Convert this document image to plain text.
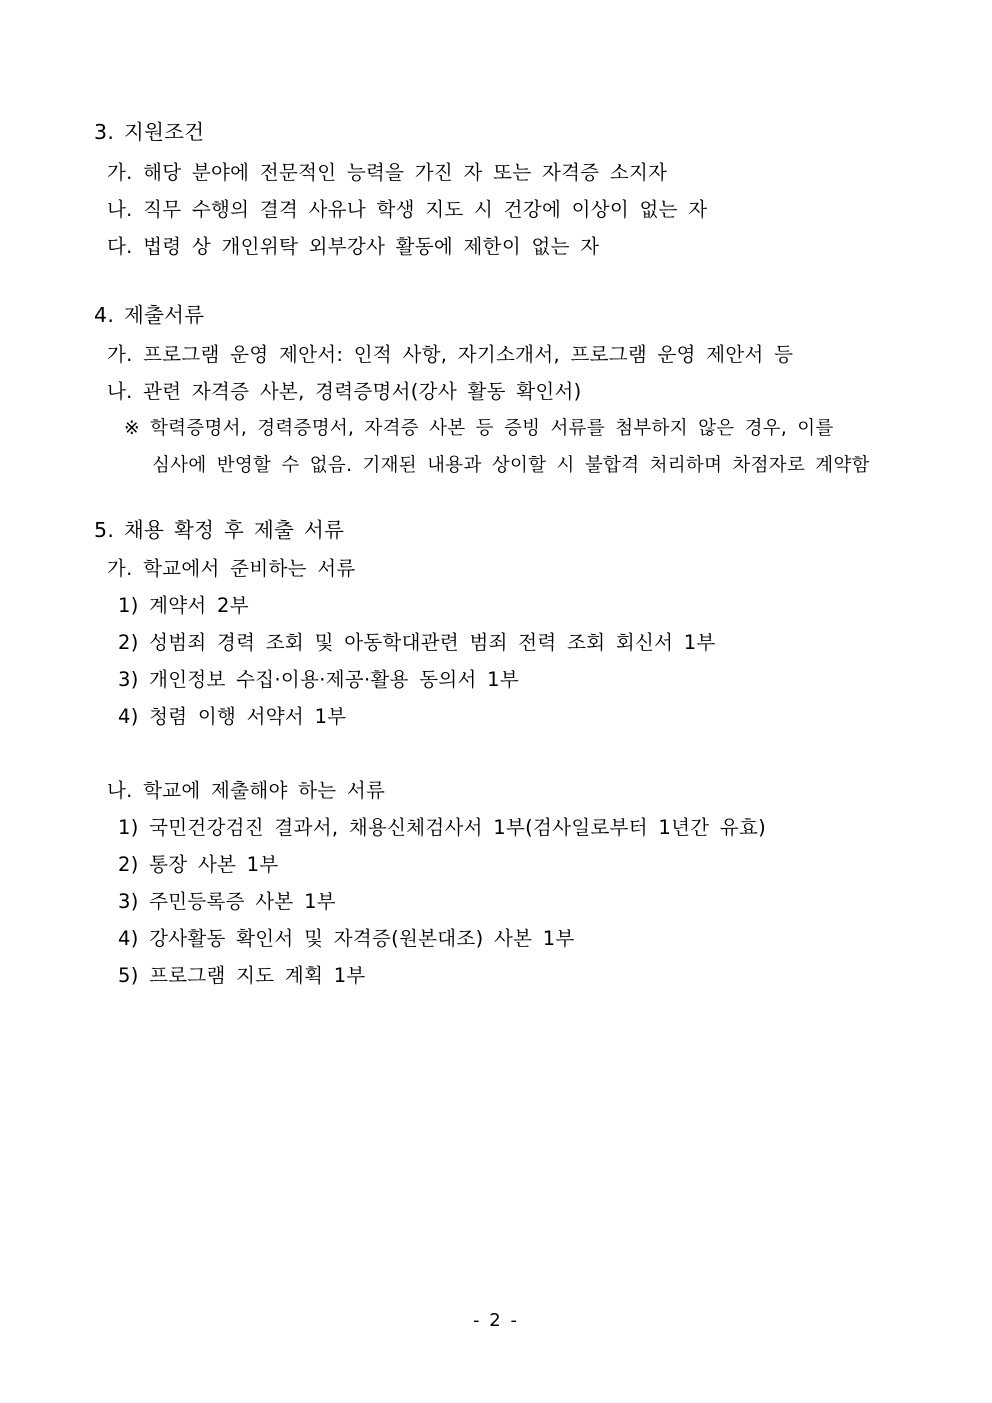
3. 지원조건
가. 해당 분야에 전문적인 능력을 가진 자 또는 자격증 소지자
나. 직무 수행의 결격 사유나 학생 지도 시 건강에 이상이 없는 자
다. 법령 상 개인위탁 외부강사 활동에 제한이 없는 자
4. 제출서류
가. 프로그램 운영 제안서: 인적 사항, 자기소개서, 프로그램 운영 제안서 등
나. 관련 자격증 사본, 경력증명서(강사 활동 확인서)
※ 학력증명서, 경력증명서, 자격증 사본 등 증빙 서류를 첨부하지 않은 경우, 이를
심사에 반영할 수 없음. 기재된 내용과 상이할 시 불합격 처리하며 차점자로 계약함
5. 채용 확정 후 제출 서류
가. 학교에서 준비하는 서류
1) 계약서 2부
2) 성범죄 경력 조회 및 아동학대관련 범죄 전력 조회 회신서 1부
3) 개인정보 수집·이용·제공·활용 동의서 1부
4) 청렴 이행 서약서 1부
나. 학교에 제출해야 하는 서류
1) 국민건강검진 결과서, 채용신체검사서 1부(검사일로부터 1년간 유효)
2) 통장 사본 1부
3) 주민등록증 사본 1부
4) 강사활동 확인서 및 자격증(원본대조) 사본 1부
5) 프로그램 지도 계획 1부
- 2 -
